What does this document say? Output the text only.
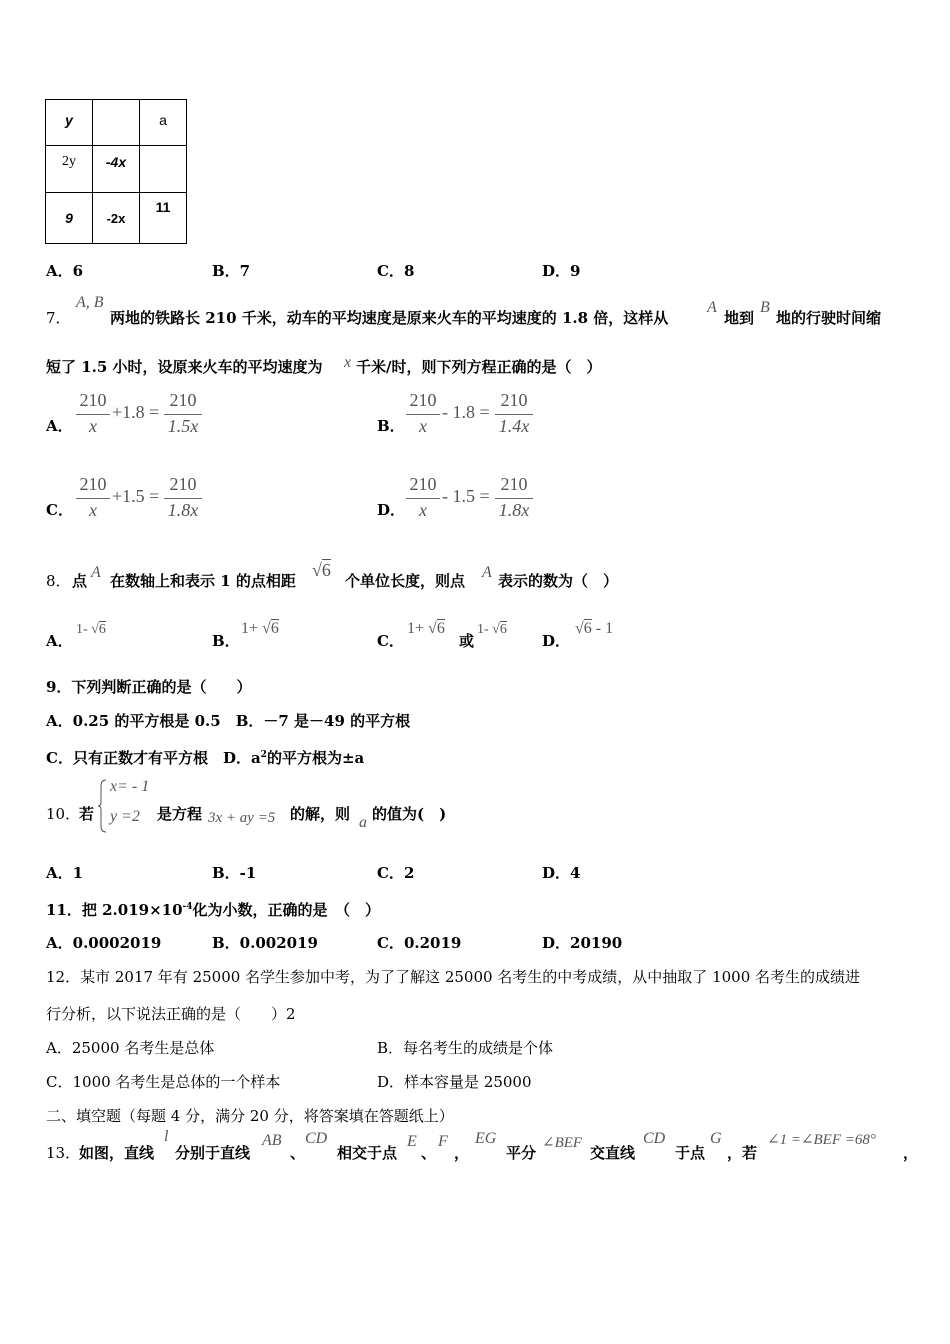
y		a
2y	-4x	
9	-2x	11
A．6	B．7	C．8	D．9
7．
A, B
两地的铁路长 210 千米，动车的平均速度是原来火车的平均速度的 1.8 倍，这样从
A
地到
B
地的行驶时间缩
短了 1.5 小时，设原来火车的平均速度为 x 千米/时，则下列方程正确的是（　）
A．
210
x
+1.8 =
210
1.5x	B．
210
x
- 1.8 =
210
1.4x
C．
210
x
+1.5 =
210
1.8x	D．
210
x
- 1.5 =
210
1.8x
8． 点 A 在数轴上和表示 1 的点相距
√6
个单位长度，则点 A 表示的数为（　）
A．
1- √6
B．
1+ √6
C．
1+ √6
或
1- √6
D．
√6 - 1
9．下列判断正确的是（　　）
A．0.25 的平方根是 0.5　B．－7 是－49 的平方根
C．只有正数才有平方根　D．$a^2$的平方根为±a
10．
若
x= - 1
y =2 是方程 3x + ay =5 的解，则 a 的值为(　)
A．1	B．-1	C．2	D．4
11．把 $2.019\times 10^{-4}$化为小数，正确的是　（　）
A．0.0002019	B．0.002019	C．0.2019	D．20190
12．某市 2017 年有 25000 名学生参加中考，为了了解这 25000 名考生的中考成绩，从中抽取了 1000 名考生的成绩进
行分析，以下说法正确的是（　　）2
A．25000 名考生是总体	B．每名考生的成绩是个体
C．1000 名考生是总体的一个样本	D．样本容量是 25000
二、填空题（每题 4 分，满分 20 分，将答案填在答题纸上）
13．
如图，直线
l
分别于直线
AB
、
CD
相交于点
E
、
F
，
EG
平分
∠BEF
交直线
CD
于点
G
，若
∠1 =∠BEF =68°
，
